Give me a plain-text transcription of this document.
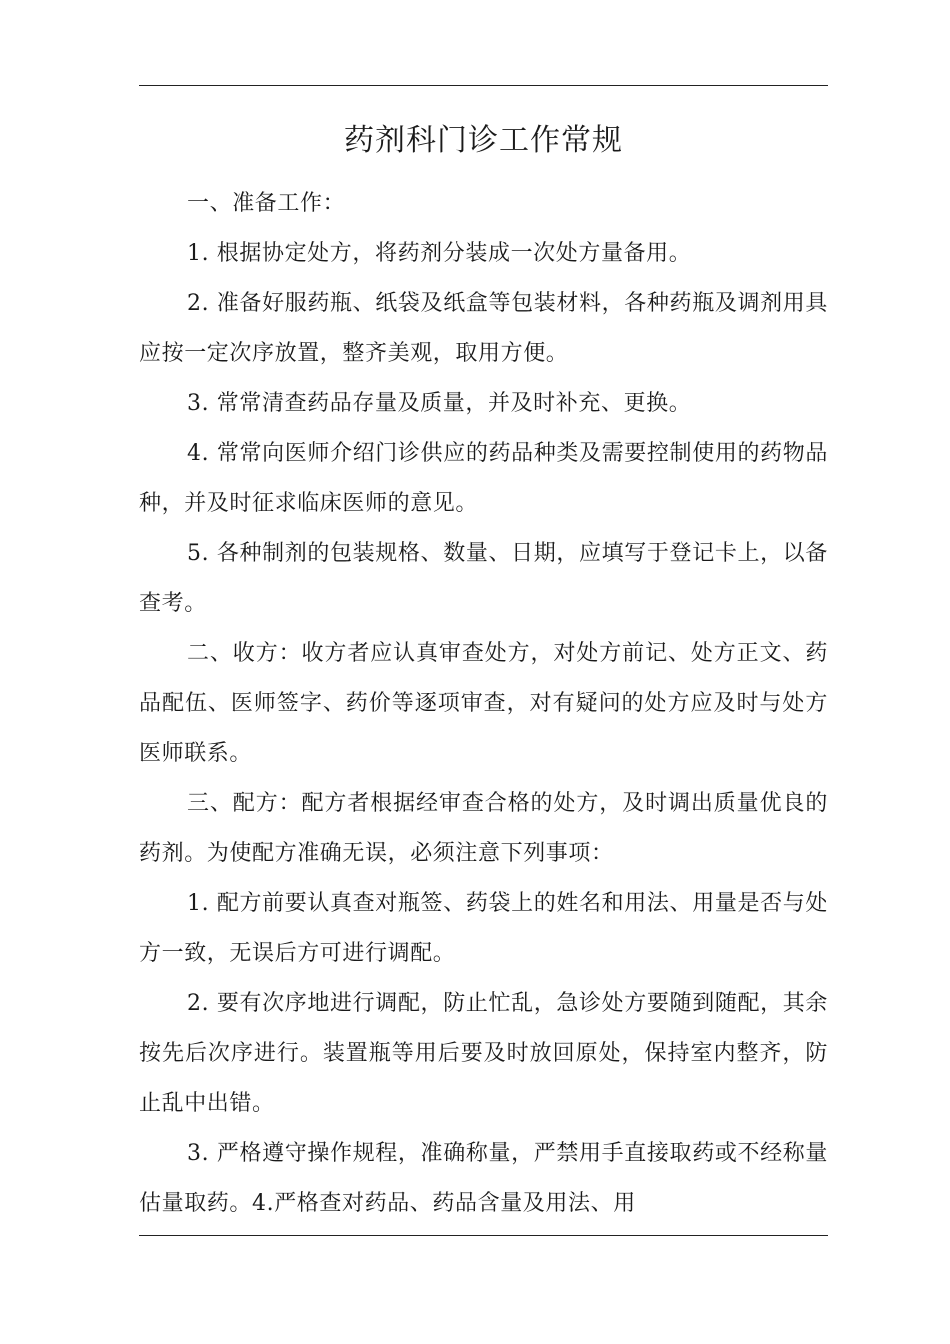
药剂科门诊工作常规

一、准备工作：

1. 根据协定处方，将药剂分装成一次处方量备用。

2. 准备好服药瓶、纸袋及纸盒等包装材料，各种药瓶及调剂用具应按一定次序放置，整齐美观，取用方便。

3. 常常清查药品存量及质量，并及时补充、更换。

4. 常常向医师介绍门诊供应的药品种类及需要控制使用的药物品种，并及时征求临床医师的意见。

5. 各种制剂的包装规格、数量、日期，应填写于登记卡上，以备查考。

二、收方：收方者应认真审查处方，对处方前记、处方正文、药品配伍、医师签字、药价等逐项审查，对有疑问的处方应及时与处方医师联系。

三、配方：配方者根据经审查合格的处方，及时调出质量优良的药剂。为使配方准确无误，必须注意下列事项：

1. 配方前要认真查对瓶签、药袋上的姓名和用法、用量是否与处方一致，无误后方可进行调配。

2. 要有次序地进行调配，防止忙乱，急诊处方要随到随配，其余按先后次序进行。装置瓶等用后要及时放回原处，保持室内整齐，防止乱中出错。

3. 严格遵守操作规程，准确称量，严禁用手直接取药或不经称量估量取药。4.严格查对药品、药品含量及用法、用
